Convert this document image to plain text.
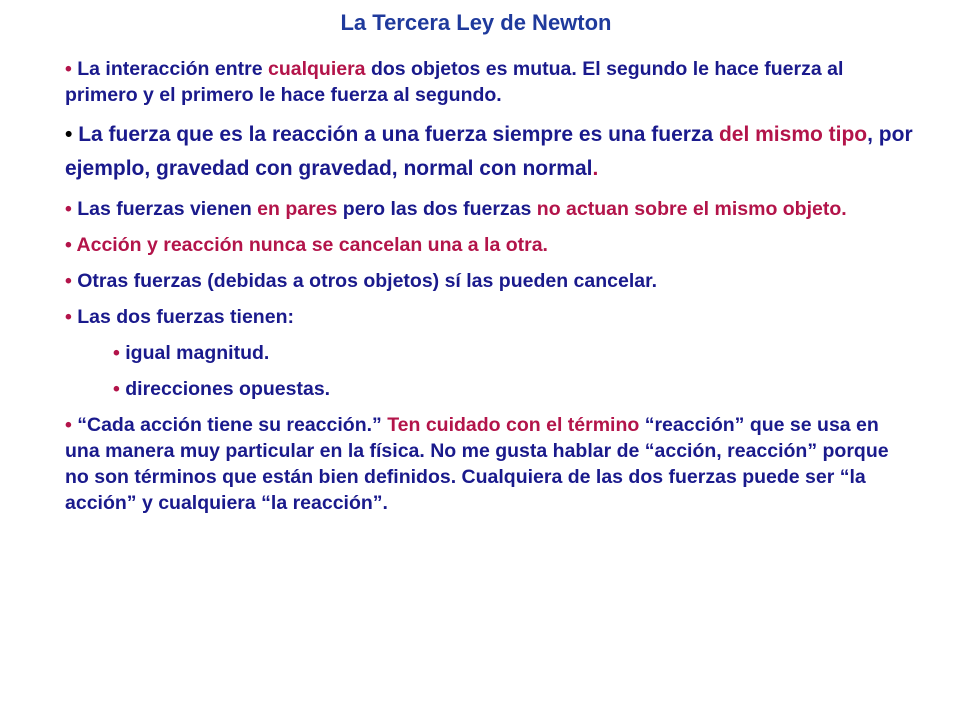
La Tercera Ley de Newton

• La interacción entre cualquiera dos objetos es mutua. El segundo le hace fuerza al primero y el primero le hace fuerza al segundo.

• La fuerza que es la reacción a una fuerza siempre es una fuerza del mismo tipo, por ejemplo, gravedad con gravedad, normal con normal.

• Las fuerzas vienen en pares pero las dos fuerzas no actuan sobre el mismo objeto.

• Acción y reacción nunca se cancelan una a la otra.

• Otras fuerzas (debidas a otros objetos) sí las pueden cancelar.

• Las dos fuerzas tienen:

• igual magnitud.

• direcciones opuestas.

• “Cada acción tiene su reacción.” Ten cuidado con el término “reacción” que se usa en una manera muy particular en la física. No me gusta hablar de “acción, reacción” porque no son términos que están bien definidos. Cualquiera de las dos fuerzas puede ser “la acción” y cualquiera “la reacción”.
